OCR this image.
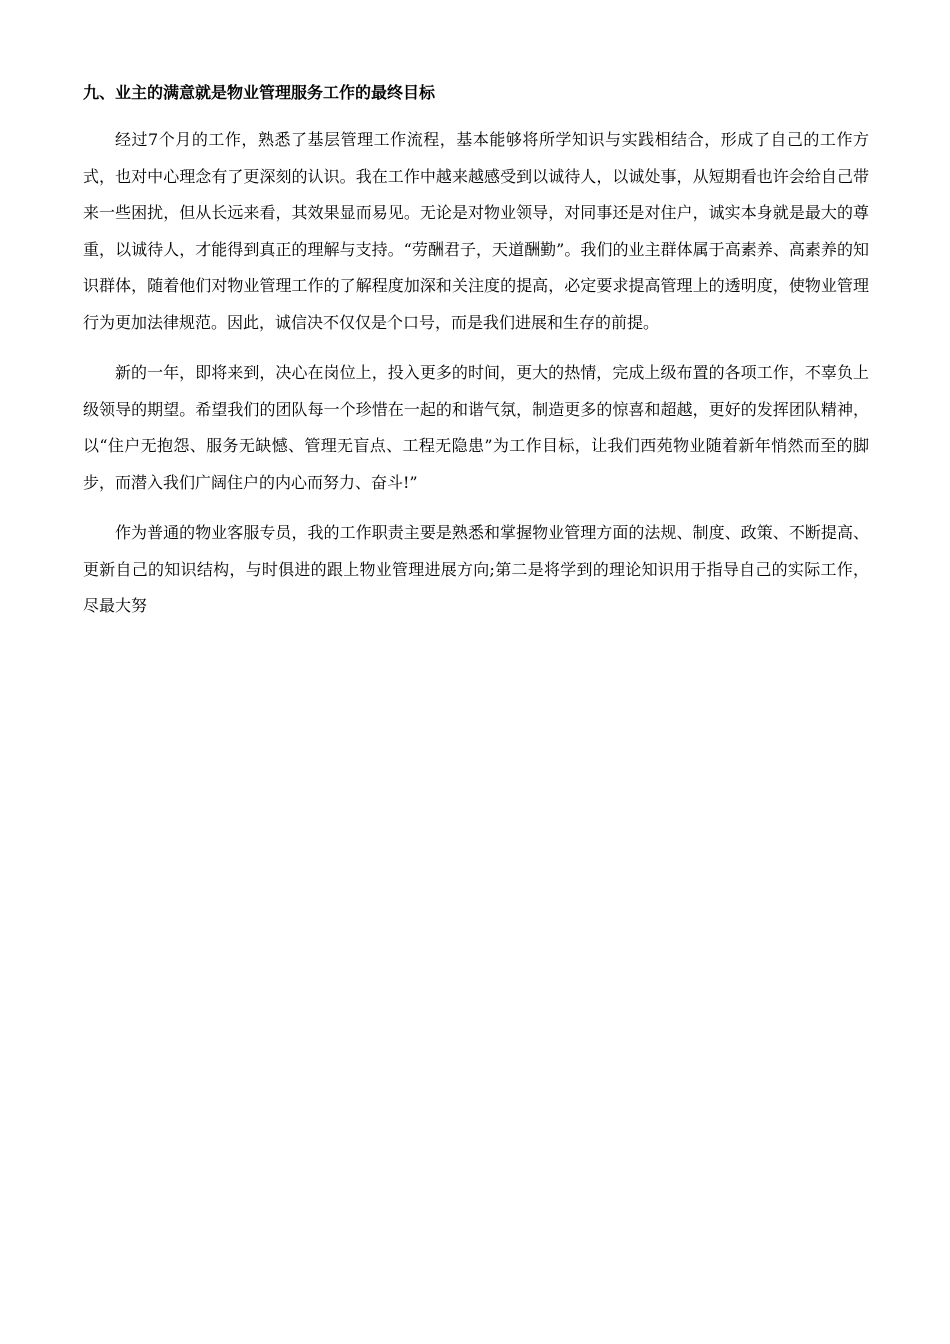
九、业主的满意就是物业管理服务工作的最终目标

经过7个月的工作，熟悉了基层管理工作流程，基本能够将所学知识与实践相结合，形成了自己的工作方式，也对中心理念有了更深刻的认识。我在工作中越来越感受到以诚待人，以诚处事，从短期看也许会给自己带来一些困扰，但从长远来看，其效果显而易见。无论是对物业领导，对同事还是对住户，诚实本身就是最大的尊重，以诚待人，才能得到真正的理解与支持。“劳酬君子，天道酬勤”。我们的业主群体属于高素养、高素养的知识群体，随着他们对物业管理工作的了解程度加深和关注度的提高，必定要求提高管理上的透明度，使物业管理行为更加法律规范。因此，诚信决不仅仅是个口号，而是我们进展和生存的前提。

新的一年，即将来到，决心在岗位上，投入更多的时间，更大的热情，完成上级布置的各项工作，不辜负上级领导的期望。希望我们的团队每一个珍惜在一起的和谐气氛，制造更多的惊喜和超越，更好的发挥团队精神，以“住户无抱怨、服务无缺憾、管理无盲点、工程无隐患”为工作目标，让我们西苑物业随着新年悄然而至的脚步，而潜入我们广阔住户的内心而努力、奋斗!”

作为普通的物业客服专员，我的工作职责主要是熟悉和掌握物业管理方面的法规、制度、政策、不断提高、更新自己的知识结构，与时俱进的跟上物业管理进展方向;第二是将学到的理论知识用于指导自己的实际工作，尽最大努
